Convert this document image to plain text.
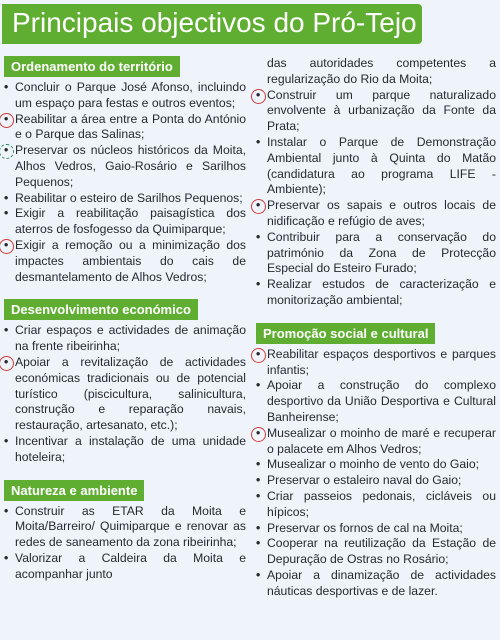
Principais objectivos do Pró-Tejo
Ordenamento do território
• Concluir o Parque José Afonso, incluindo um espaço para festas e outros eventos;
• Reabilitar a área entre a Ponta do António e o Parque das Salinas;
• Preservar os núcleos históricos da Moita, Alhos Vedros, Gaio-Rosário e Sarilhos Pequenos;
• Reabilitar o esteiro de Sarilhos Pequenos;
• Exigir a reabilitação paisagística dos aterros de fosfogesso da Quimiparque;
• Exigir a remoção ou a minimização dos impactes ambientais do cais de desmantelamento de Alhos Vedros;
Desenvolvimento económico
• Criar espaços e actividades de animação na frente ribeirinha;
• Apoiar a revitalização de actividades económicas tradicionais ou de potencial turístico (piscicultura, salinicultura, construção e reparação navais, restauração, artesanato, etc.);
• Incentivar a instalação de uma unidade hoteleira;
Natureza e ambiente
• Construir as ETAR da Moita e Moita/Barreiro/ Quimiparque e renovar as redes de saneamento da zona ribeirinha;
• Valorizar a Caldeira da Moita e acompanhar junto
das autoridades competentes a regularização do Rio da Moita;
• Construir um parque naturalizado envolvente à urbanização da Fonte da Prata;
• Instalar o Parque de Demonstração Ambiental junto à Quinta do Matão (candidatura ao programa LIFE - Ambiente);
• Preservar os sapais e outros locais de nidificação e refúgio de aves;
• Contribuir para a conservação do património da Zona de Protecção Especial do Esteiro Furado;
• Realizar estudos de caracterização e monitorização ambiental;
Promoção social e cultural
• Reabilitar espaços desportivos e parques infantis;
• Apoiar a construção do complexo desportivo da União Desportiva e Cultural Banheirense;
• Musealizar o moinho de maré e recuperar o palacete em Alhos Vedros;
• Musealizar o moinho de vento do Gaio;
• Preservar o estaleiro naval do Gaio;
• Criar passeios pedonais, cicláveis ou hípicos;
• Preservar os fornos de cal na Moita;
• Cooperar na reutilização da Estação de Depuração de Ostras no Rosário;
• Apoiar a dinamização de actividades náuticas desportivas e de lazer.
